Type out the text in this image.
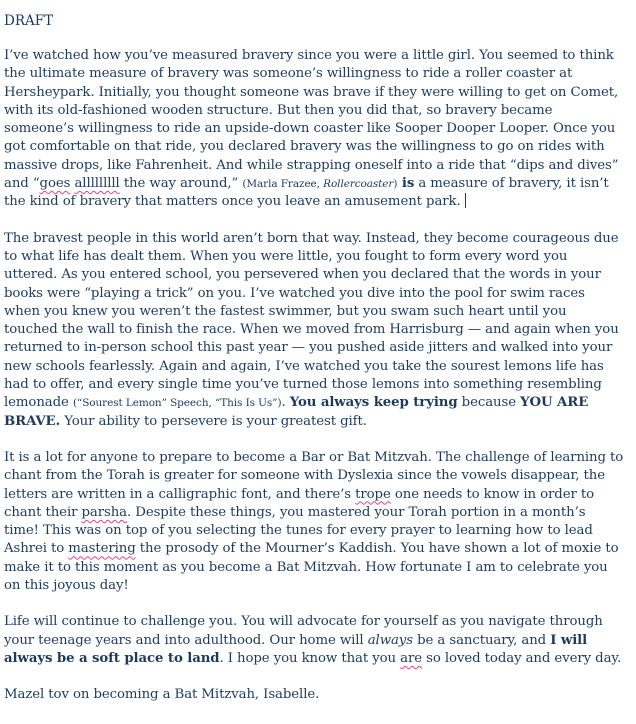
DRAFT

I’ve watched how you’ve measured bravery since you were a little girl. You seemed to think the ultimate measure of bravery was someone’s willingness to ride a roller coaster at Hersheypark. Initially, you thought someone was brave if they were willing to get on Comet, with its old-fashioned wooden structure. But then you did that, so bravery became someone’s willingness to ride an upside-down coaster like Sooper Dooper Looper. Once you got comfortable on that ride, you declared bravery was the willingness to go on rides with massive drops, like Fahrenheit. And while strapping oneself into a ride that “dips and dives” and “goes alllllllll the way around,” (Marla Frazee, Rollercoaster) is a measure of bravery, it isn’t the kind of bravery that matters once you leave an amusement park.

The bravest people in this world aren’t born that way. Instead, they become courageous due to what life has dealt them. When you were little, you fought to form every word you uttered. As you entered school, you persevered when you declared that the words in your books were “playing a trick” on you. I’ve watched you dive into the pool for swim races when you knew you weren’t the fastest swimmer, but you swam such heart until you touched the wall to finish the race. When we moved from Harrisburg — and again when you returned to in-person school this past year — you pushed aside jitters and walked into your new schools fearlessly. Again and again, I’ve watched you take the sourest lemons life has had to offer, and every single time you’ve turned those lemons into something resembling lemonade (“Sourest Lemon” Speech, “This Is Us”). You always keep trying because YOU ARE BRAVE. Your ability to persevere is your greatest gift.

It is a lot for anyone to prepare to become a Bar or Bat Mitzvah. The challenge of learning to chant from the Torah is greater for someone with Dyslexia since the vowels disappear, the letters are written in a calligraphic font, and there’s trope one needs to know in order to chant their parsha. Despite these things, you mastered your Torah portion in a month’s time! This was on top of you selecting the tunes for every prayer to learning how to lead Ashrei to mastering the prosody of the Mourner’s Kaddish. You have shown a lot of moxie to make it to this moment as you become a Bat Mitzvah. How fortunate I am to celebrate you on this joyous day!

Life will continue to challenge you. You will advocate for yourself as you navigate through your teenage years and into adulthood. Our home will always be a sanctuary, and I will always be a soft place to land. I hope you know that you are so loved today and every day.

Mazel tov on becoming a Bat Mitzvah, Isabelle.
